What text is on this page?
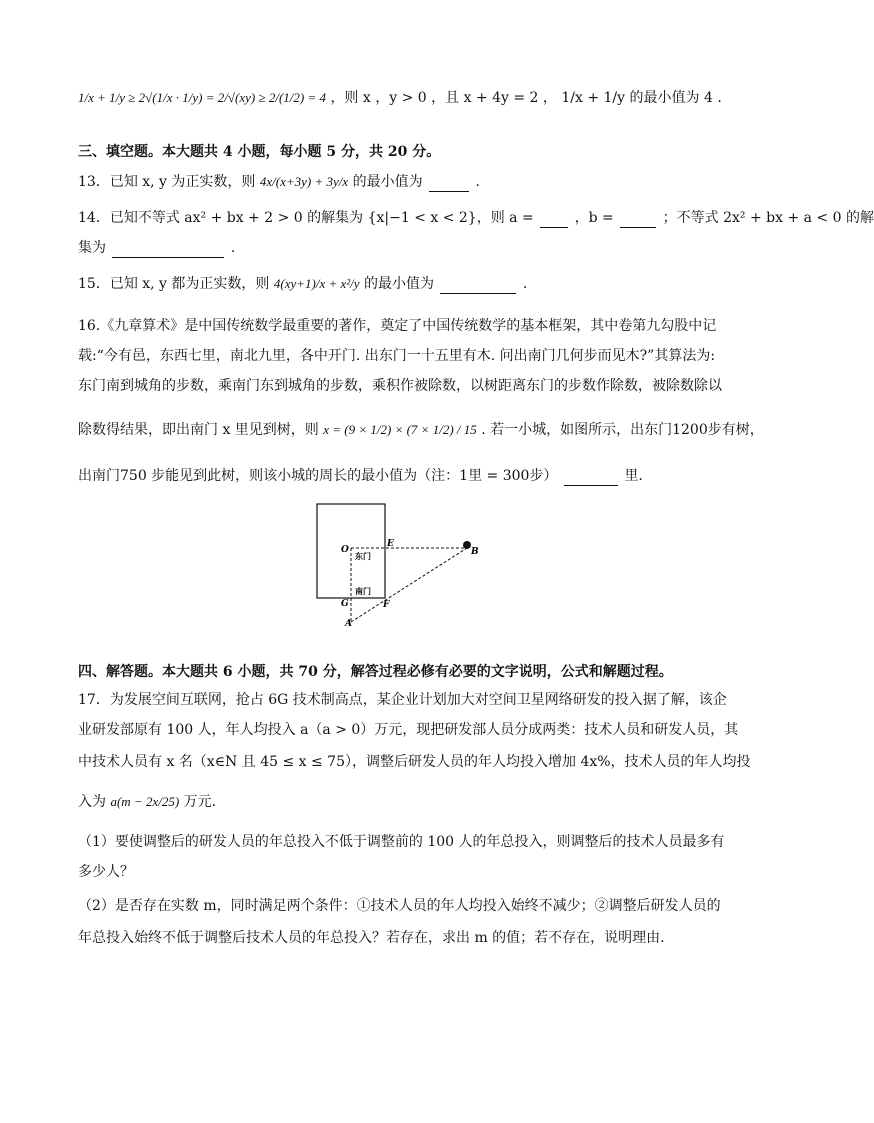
1/x + 1/y ≥ 2√(1/x · 1/y) = 2/√(xy) ≥ 2/(1/2) = 4 ，则 x ，y > 0 ，且 x + 4y = 2 ， 1/x + 1/y 的最小值为 4 .
三、填空题。本大题共 4 小题，每小题 5 分，共 20 分。
13．已知 x, y 为正实数，则 4x/(x+3y) + 3y/x 的最小值为	.
14．已知不等式 ax² + bx + 2 > 0 的解集为 {x|−1 < x < 2}，则 a =	，b =	；不等式 2x² + bx + a < 0 的解
集为	.
15．已知 x, y 都为正实数，则 4(xy+1)/x + x²/y 的最小值为	.
16.《九章算术》是中国传统数学最重要的著作，奠定了中国传统数学的基本框架，其中卷第九勾股中记
载:“今有邑，东西七里，南北九里，各中开门. 出东门一十五里有木. 问出南门几何步而见木?”其算法为:
东门南到城角的步数，乘南门东到城角的步数，乘积作被除数，以树距离东门的步数作除数，被除数除以
除数得结果，即出南门 x 里见到树，则 x = (9 × 1/2) × (7 × 1/2) / 15 . 若一小城，如图所示，出东门1200步有树，
出南门750 步能见到此树，则该小城的周长的最小值为（注：1里 = 300步）	里.
O
E
B
G	F
A
东门
南门
四、解答题。本大题共 6 小题，共 70 分，解答过程必修有必要的文字说明，公式和解题过程。
17．为发展空间互联网，抢占 6G 技术制高点，某企业计划加大对空间卫星网络研发的投入据了解，该企
业研发部原有 100 人，年人均投入 a（a > 0）万元，现把研发部人员分成两类：技术人员和研发人员，其
中技术人员有 x 名（x∈N 且 45 ≤ x ≤ 75），调整后研发人员的年人均投入增加 4x%，技术人员的年人均投
入为 a(m − 2x/25) 万元.
（1）要使调整后的研发人员的年总投入不低于调整前的 100 人的年总投入，则调整后的技术人员最多有
多少人？
（2）是否存在实数 m，同时满足两个条件：①技术人员的年人均投入始终不减少；②调整后研发人员的
年总投入始终不低于调整后技术人员的年总投入？若存在，求出 m 的值；若不存在，说明理由.
